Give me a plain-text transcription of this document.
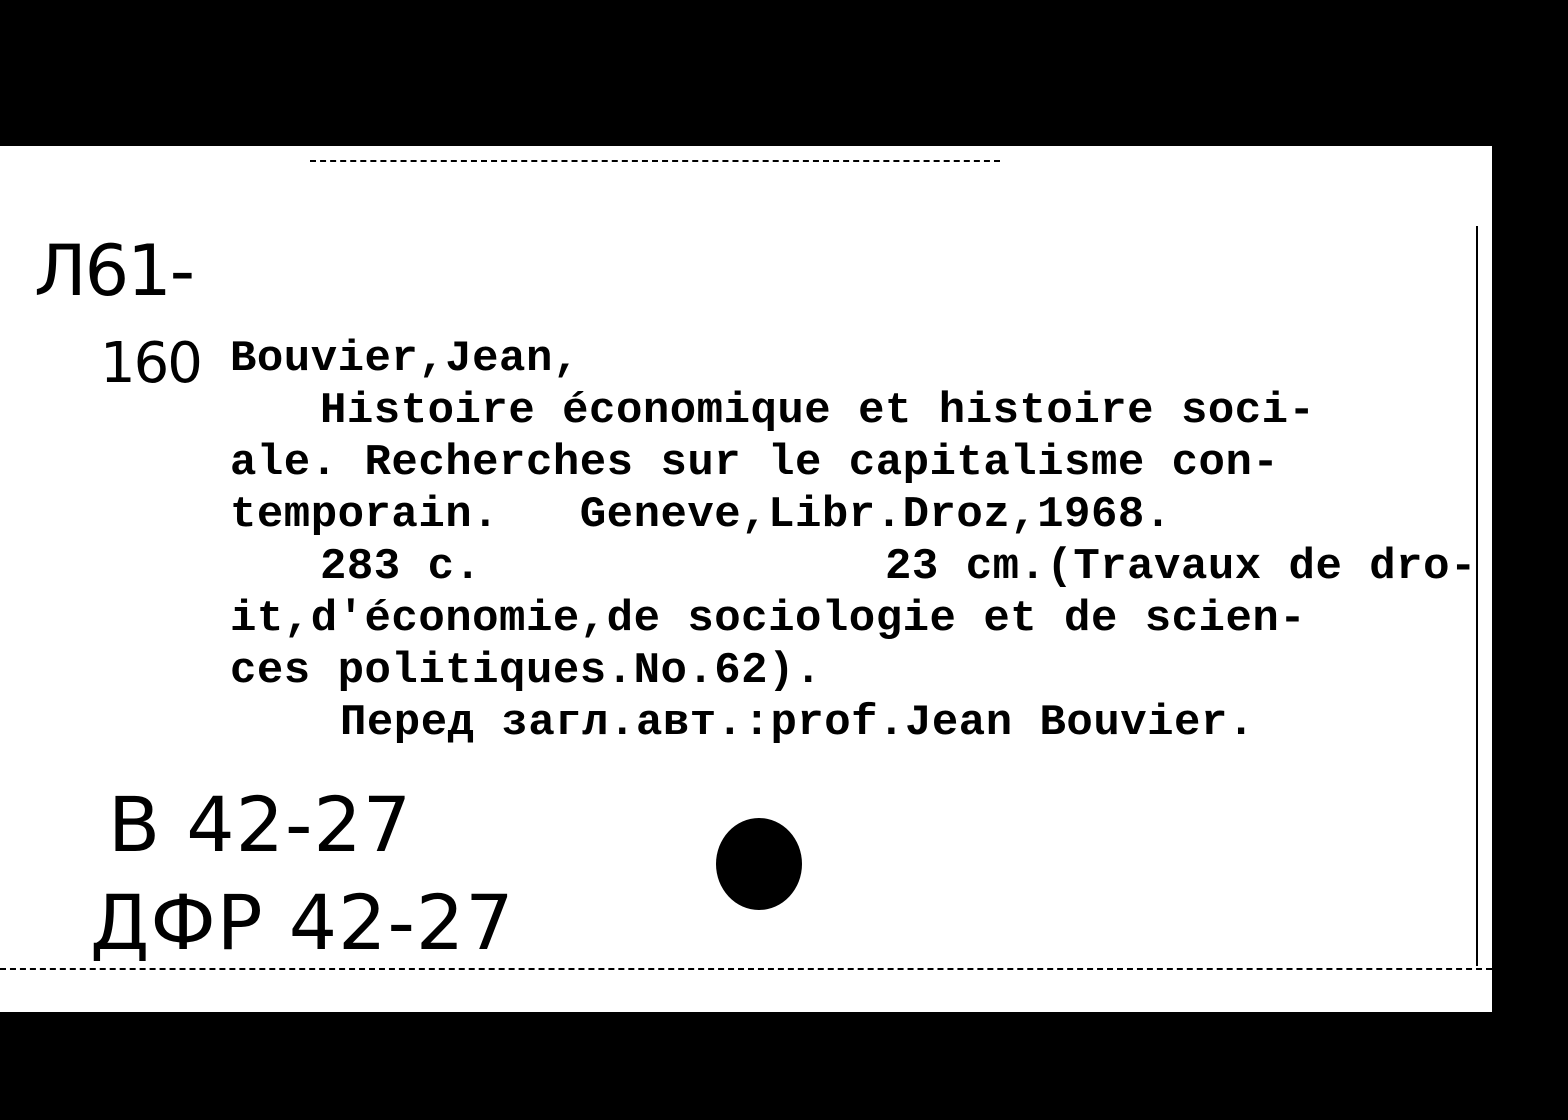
Л61-
160 Bouvier,Jean,
Histoire économique et histoire soci-
ale. Recherches sur le capitalisme con-
temporain.   Geneve,Libr.Droz,1968.
283 c.               23 cm.(Travaux de dro-
it,d'économie,de sociologie et de scien-
ces politiques.No.62).
Перед загл.авт.:prof.Jean Bouvier.
B 42-27
ДФР 42-27
